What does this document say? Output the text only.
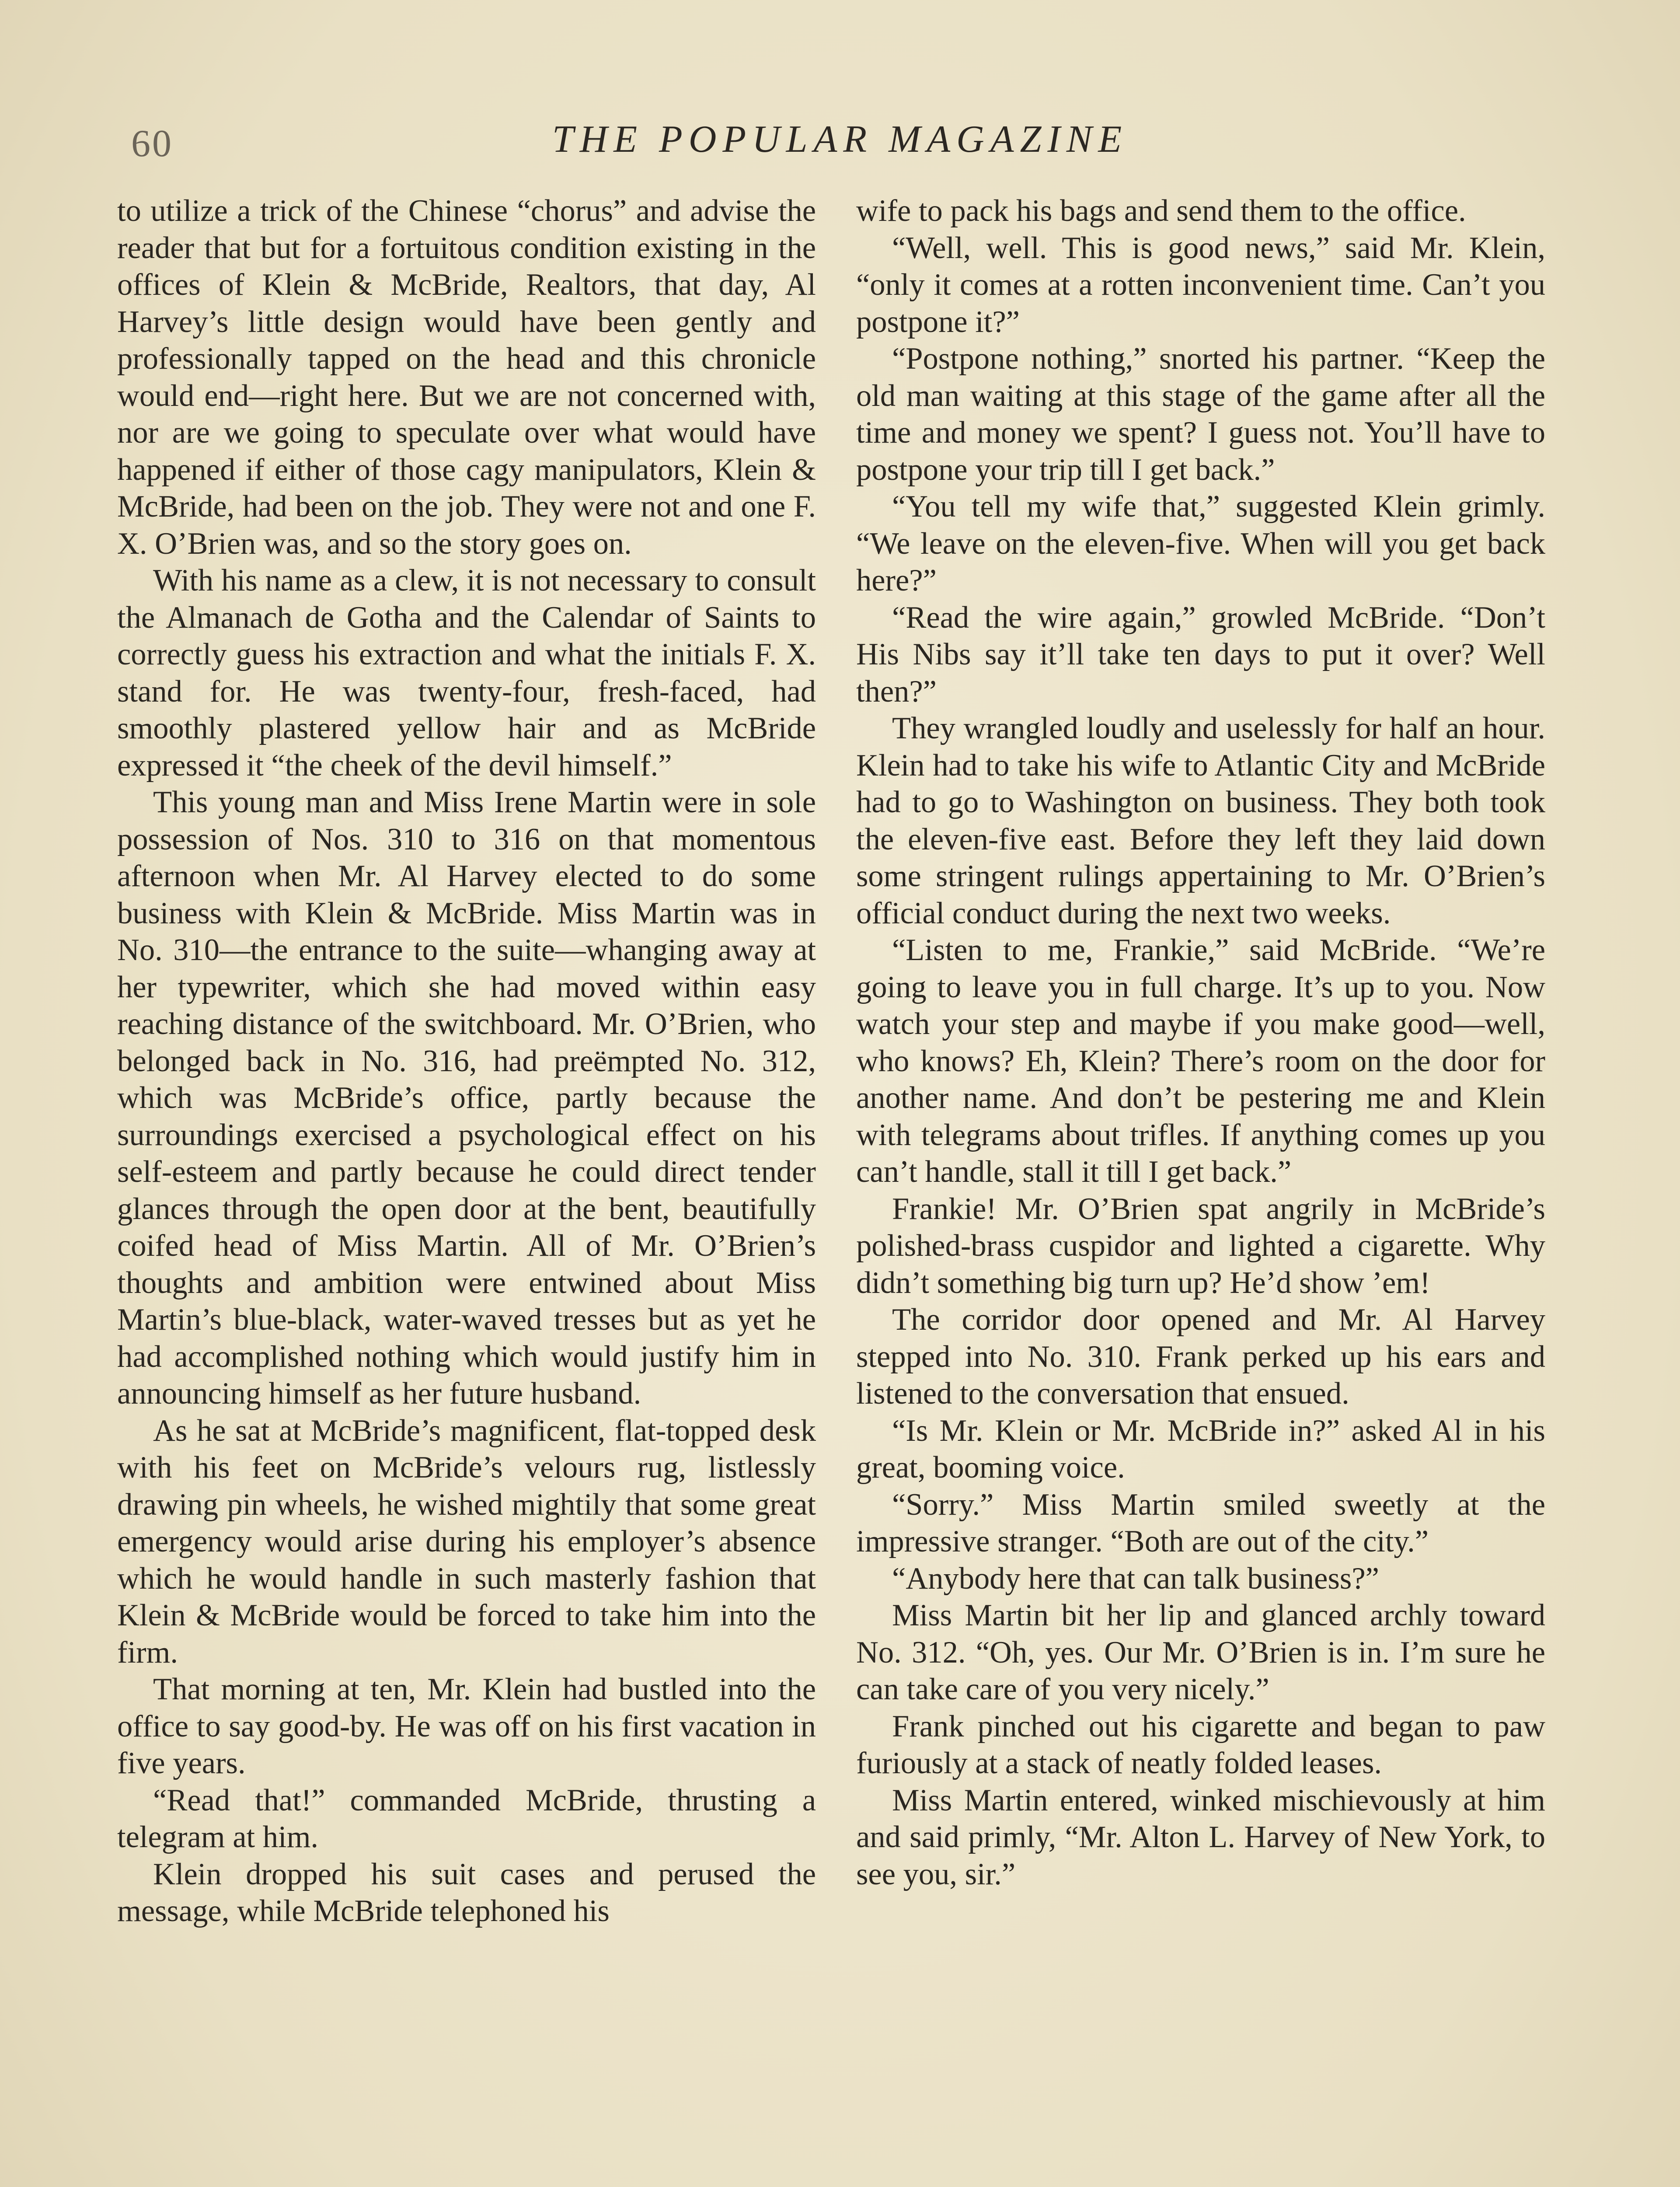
60	THE POPULAR MAGAZINE

to utilize a trick of the Chinese “chorus” and advise the reader that but for a fortuitous condition existing in the offices of Klein & McBride, Realtors, that day, Al Harvey’s little design would have been gently and professionally tapped on the head and this chronicle would end—right here. But we are not concerned with, nor are we going to speculate over what would have happened if either of those cagy manipulators, Klein & McBride, had been on the job. They were not and one F. X. O’Brien was, and so the story goes on.

With his name as a clew, it is not necessary to consult the Almanach de Gotha and the Calendar of Saints to correctly guess his extraction and what the initials F. X. stand for. He was twenty-four, fresh-faced, had smoothly plastered yellow hair and as McBride expressed it “the cheek of the devil himself.”

This young man and Miss Irene Martin were in sole possession of Nos. 310 to 316 on that momentous afternoon when Mr. Al Harvey elected to do some business with Klein & McBride. Miss Martin was in No. 310—the entrance to the suite—whanging away at her typewriter, which she had moved within easy reaching distance of the switchboard. Mr. O’Brien, who belonged back in No. 316, had preëmpted No. 312, which was McBride’s office, partly because the surroundings exercised a psychological effect on his self-esteem and partly because he could direct tender glances through the open door at the bent, beautifully coifed head of Miss Martin. All of Mr. O’Brien’s thoughts and ambition were entwined about Miss Martin’s blue-black, water-waved tresses but as yet he had accomplished nothing which would justify him in announcing himself as her future husband.

As he sat at McBride’s magnificent, flat-topped desk with his feet on McBride’s velours rug, listlessly drawing pin wheels, he wished mightily that some great emergency would arise during his employer’s absence which he would handle in such masterly fashion that Klein & McBride would be forced to take him into the firm.

That morning at ten, Mr. Klein had bustled into the office to say good-by. He was off on his first vacation in five years.

“Read that!” commanded McBride, thrusting a telegram at him.

Klein dropped his suit cases and perused the message, while McBride telephoned his

wife to pack his bags and send them to the office.

“Well, well. This is good news,” said Mr. Klein, “only it comes at a rotten inconvenient time. Can’t you postpone it?”

“Postpone nothing,” snorted his partner. “Keep the old man waiting at this stage of the game after all the time and money we spent? I guess not. You’ll have to postpone your trip till I get back.”

“You tell my wife that,” suggested Klein grimly. “We leave on the eleven-five. When will you get back here?”

“Read the wire again,” growled McBride. “Don’t His Nibs say it’ll take ten days to put it over? Well then?”

They wrangled loudly and uselessly for half an hour. Klein had to take his wife to Atlantic City and McBride had to go to Washington on business. They both took the eleven-five east. Before they left they laid down some stringent rulings appertaining to Mr. O’Brien’s official conduct during the next two weeks.

“Listen to me, Frankie,” said McBride. “We’re going to leave you in full charge. It’s up to you. Now watch your step and maybe if you make good—well, who knows? Eh, Klein? There’s room on the door for another name. And don’t be pestering me and Klein with telegrams about trifles. If anything comes up you can’t handle, stall it till I get back.”

Frankie! Mr. O’Brien spat angrily in McBride’s polished-brass cuspidor and lighted a cigarette. Why didn’t something big turn up? He’d show ’em!

The corridor door opened and Mr. Al Harvey stepped into No. 310. Frank perked up his ears and listened to the conversation that ensued.

“Is Mr. Klein or Mr. McBride in?” asked Al in his great, booming voice.

“Sorry.” Miss Martin smiled sweetly at the impressive stranger. “Both are out of the city.”

“Anybody here that can talk business?”

Miss Martin bit her lip and glanced archly toward No. 312. “Oh, yes. Our Mr. O’Brien is in. I’m sure he can take care of you very nicely.”

Frank pinched out his cigarette and began to paw furiously at a stack of neatly folded leases.

Miss Martin entered, winked mischievously at him and said primly, “Mr. Alton L. Harvey of New York, to see you, sir.”
